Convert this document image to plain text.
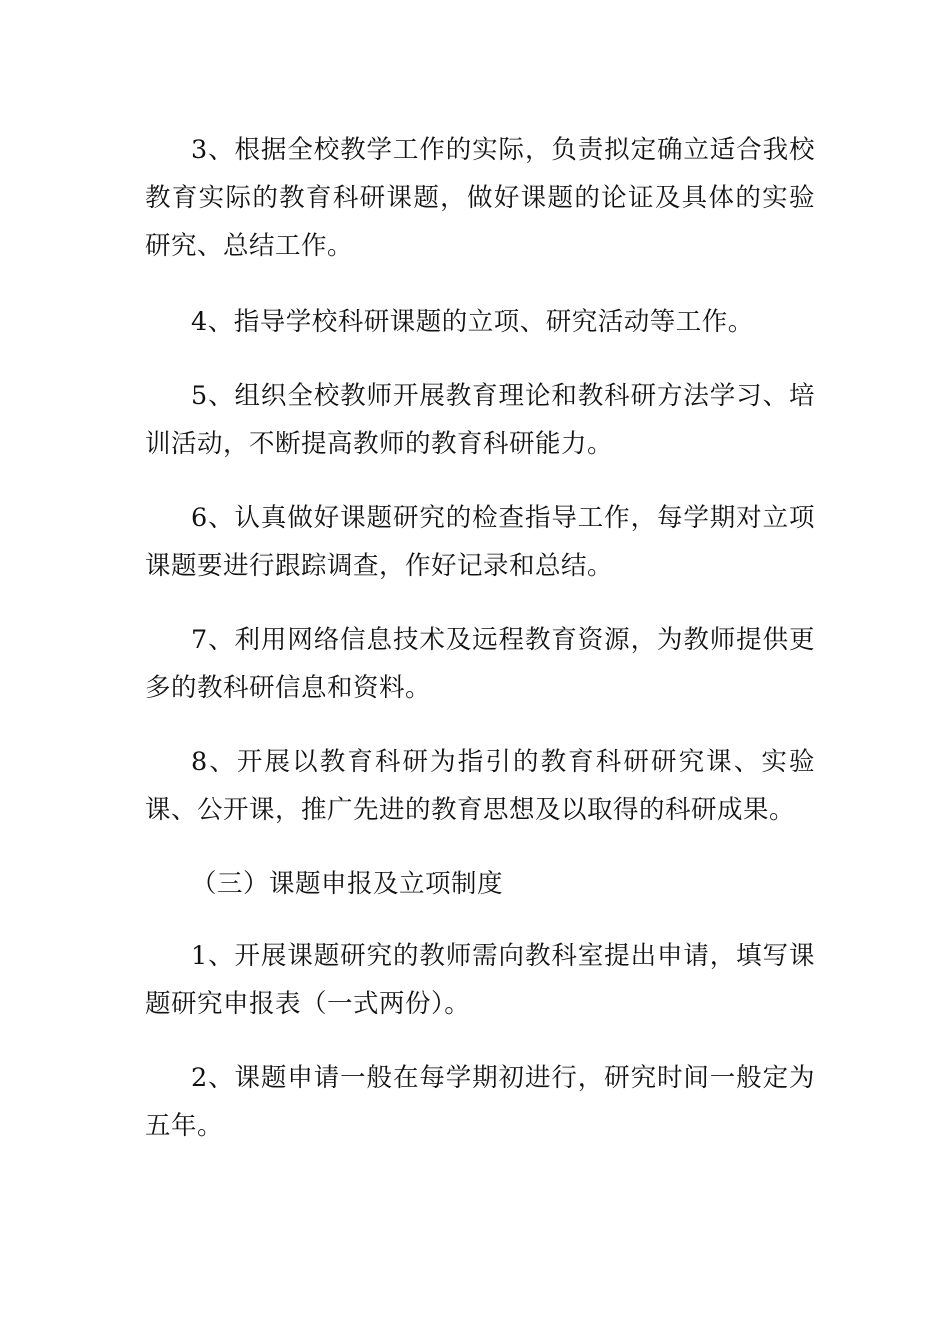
3、根据全校教学工作的实际，负责拟定确立适合我校教育实际的教育科研课题，做好课题的论证及具体的实验研究、总结工作。

4、指导学校科研课题的立项、研究活动等工作。

5、组织全校教师开展教育理论和教科研方法学习、培训活动，不断提高教师的教育科研能力。

6、认真做好课题研究的检查指导工作，每学期对立项课题要进行跟踪调查，作好记录和总结。

7、利用网络信息技术及远程教育资源，为教师提供更多的教科研信息和资料。

8、开展以教育科研为指引的教育科研研究课、实验课、公开课，推广先进的教育思想及以取得的科研成果。

（三）课题申报及立项制度

1、开展课题研究的教师需向教科室提出申请，填写课题研究申报表（一式两份）。

2、课题申请一般在每学期初进行，研究时间一般定为五年。
